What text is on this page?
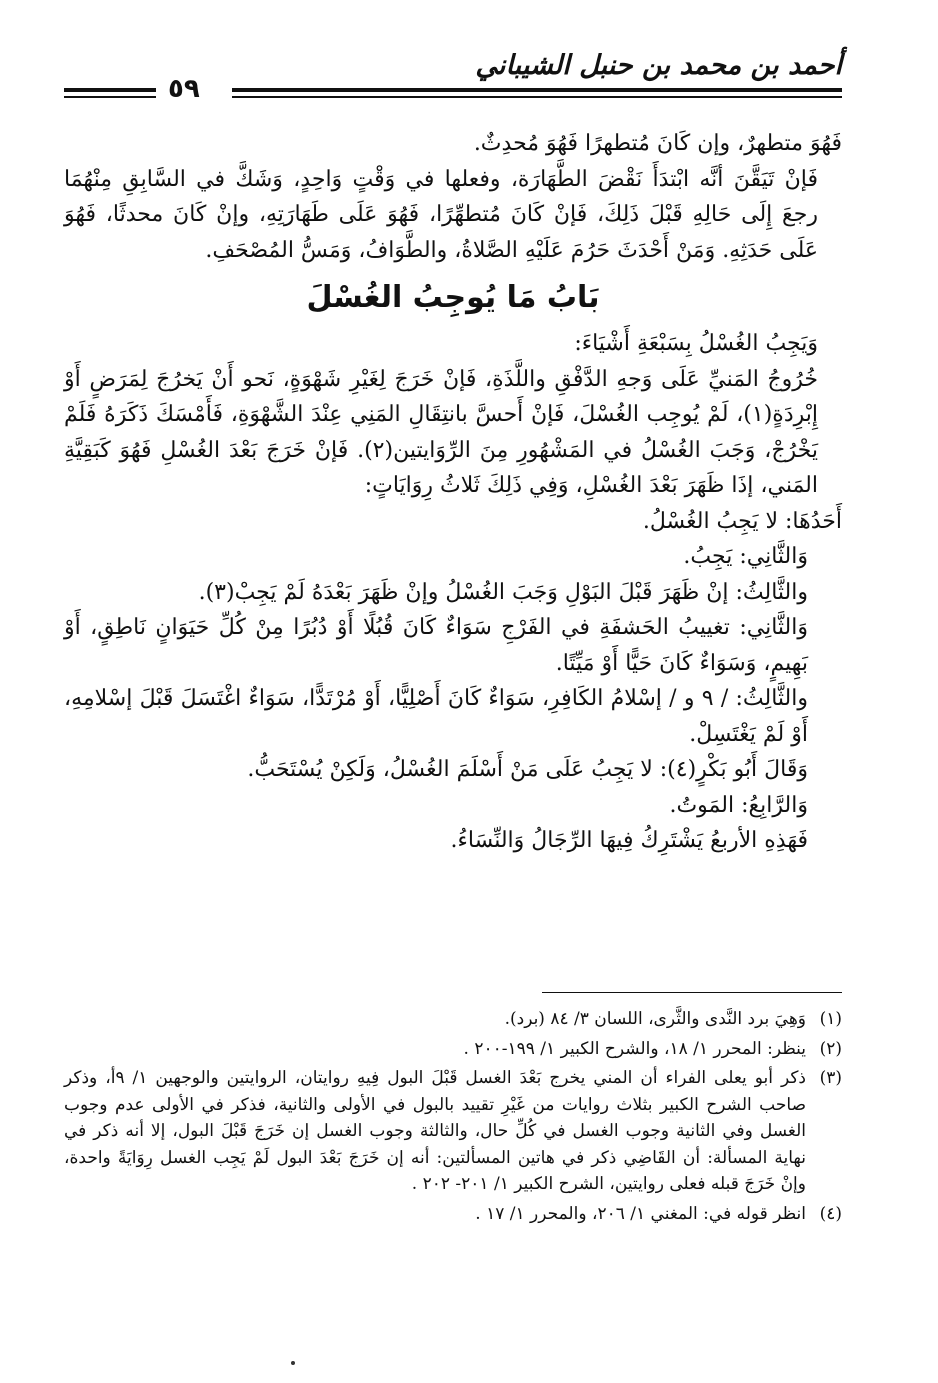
أحمد بن محمد بن حنبل الشيباني
٥٩

فَهُوَ متطهرٌ، وإن كَانَ مُتطهرًا فَهُوَ مُحدِثٌ.

فَإنْ تَيَقَّنَ أنَّه ابْتدَأَ نَقْضَ الطَّهَارَة، وفعلها في وَقْتٍ وَاحِدٍ، وَشَكَّ في السَّابِقِ مِنْهُمَا رجعَ إِلَى حَالِهِ قَبْلَ ذَلِكَ، فَإنْ كَانَ مُتطهِّرًا، فَهُوَ عَلَى طَهَارَتِهِ، وإنْ كَانَ محدثًا، فَهُوَ عَلَى حَدَثِهِ. وَمَنْ أَحْدَثَ حَرُمَ عَلَيْهِ الصَّلاةُ، والطَّوَافُ، وَمَسُّ المُصْحَفِ.

بَابُ مَا يُوجِبُ الغُسْلَ

وَيَجِبُ الغُسْلُ بِسَبْعَةِ أَشْيَاءَ:

خُرُوجُ المَنيِّ عَلَى وَجهِ الدَّفْقِ واللَّذَةِ، فَإنْ خَرَجَ لِغَيْرِ شَهْوَةٍ، نَحو أَنْ يَخرُجَ لِمَرَضٍ أَوْ إِبْرِدَةٍ(١)، لَمْ يُوجِب الغُسْلَ، فَإنْ أَحسَّ بانتِقَالِ المَنِي عِنْدَ الشَّهْوَةِ، فَأَمْسَكَ ذَكَرَهُ فَلَمْ يَخْرُجْ، وَجَبَ الغُسْلُ في المَشْهُورِ مِنَ الرِّوَايتين(٢). فَإنْ خَرَجَ بَعْدَ الغُسْلِ فَهُوَ كَبَقِيَّةِ المَني، إذَا ظَهَرَ بَعْدَ الغُسْلِ، وَفِي ذَلِكَ ثَلاثُ رِوَايَاتٍ:

أَحَدُهَا: لا يَجِبُ الغُسْلُ.

وَالثَّانِي: يَجِبُ.

والثَّالِثُ: إنْ ظَهَرَ قَبْلَ البَوْلِ وَجَبَ الغُسْلُ وإنْ ظَهَرَ بَعْدَهُ لَمْ يَجِبْ(٣).

وَالثَّانِي: تغييبُ الحَشفَةِ في الفَرْجِ سَوَاءٌ كَانَ قُبُلًا أَوْ دُبُرًا مِنْ كُلِّ حَيَوَانٍ نَاطِقٍ، أَوْ بَهِيمٍ، وَسَوَاءٌ كَانَ حَيًّا أَوْ مَيِّتًا.

والثَّالِثُ: / ٩ و / إسْلامُ الكَافِرِ، سَوَاءٌ كَانَ أَصْلِيًّا، أَوْ مُرْتَدًّا، سَوَاءٌ اغْتَسَلَ قَبْلَ إسْلامِهِ، أَوْ لَمْ يَغْتَسِلْ.

وَقَالَ أَبُو بَكْرٍ(٤): لا يَجِبُ عَلَى مَنْ أَسْلَمَ الغُسْلُ، وَلَكِنْ يُسْتَحَبُّ.

وَالرَّابِعُ: المَوتُ.

فَهَذِهِ الأربعُ يَشْتَرِكُ فِيهَا الرِّجَالُ وَالنِّسَاءُ.

(١)
وَهِيَ برد النَّدى والثَّرى، اللسان ٣/ ٨٤ (برد).
(٢)
ينظر: المحرر ١/ ١٨، والشرح الكبير ١/ ١٩٩-٢٠٠ .
(٣)
ذكر أبو يعلى الفراء أن المني يخرج بَعْدَ الغسل قَبْلَ البول فِيهِ روايتان، الروايتين والوجهين ١/ ٩أ، وذكر صاحب الشرح الكبير بثلاث روايات من غَيْرِ تقييد بالبول في الأولى والثانية، فذكر في الأولى عدم وجوب الغسل وفي الثانية وجوب الغسل في كُلِّ حال، والثالثة وجوب الغسل إن خَرَجَ قَبْلَ البول، إلا أنه ذكر في نهاية المسألة: أن القَاضِي ذكر في هاتين المسألتين: أنه إن خَرَجَ بَعْدَ البول لَمْ يَجِب الغسل رِوَايَةً واحدة، وإنْ خَرَجَ قبله فعلى روايتين، الشرح الكبير ١/ ٢٠١- ٢٠٢ .
(٤)
انظر قوله في: المغني ١/ ٢٠٦، والمحرر ١/ ١٧ .
